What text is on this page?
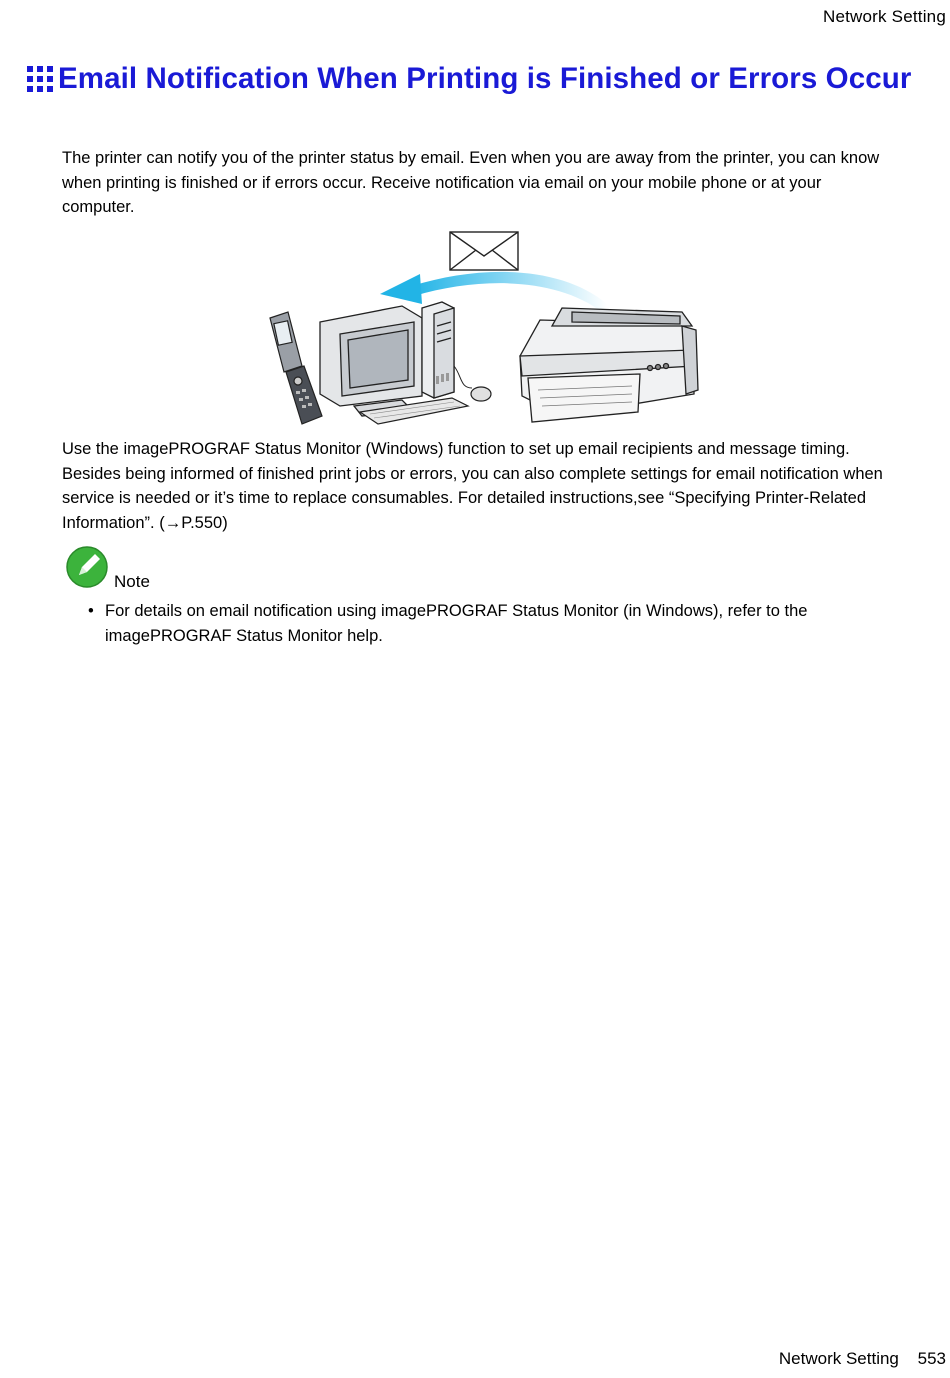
Network Setting
Email Notification When Printing is Finished or Errors Occur

The printer can notify you of the printer status by email. Even when you are away from the printer, you can know when printing is finished or if errors occur. Receive notification via email on your mobile phone or at your computer.

Use the imagePROGRAF Status Monitor (Windows) function to set up email recipients and message timing. Besides being informed of finished print jobs or errors, you can also complete settings for email notification when service is needed or it’s time to replace consumables. For detailed instructions,see “Specifying Printer-Related Information”. (→P.550)

Note
• For details on email notification using imagePROGRAF Status Monitor (in Windows), refer to the imagePROGRAF Status Monitor help.
Network Setting 553
